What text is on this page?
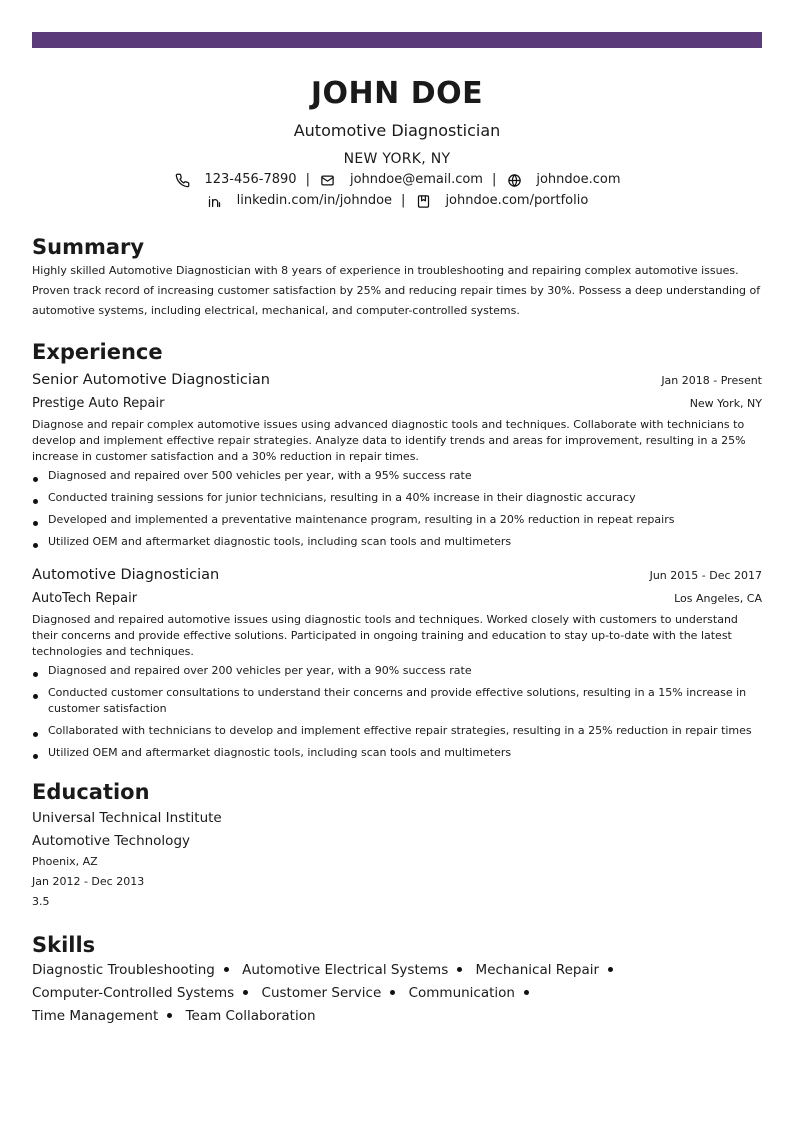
JOHN DOE
Automotive Diagnostician
NEW YORK, NY
123-456-7890 |	johndoe@email.com |	johndoe.com
linkedin.com/in/johndoe |	johndoe.com/portfolio
Summary
Highly skilled Automotive Diagnostician with 8 years of experience in troubleshooting and repairing complex automotive issues. Proven track record of increasing customer satisfaction by 25% and reducing repair times by 30%. Possess a deep understanding of automotive systems, including electrical, mechanical, and computer-controlled systems.
Experience
Senior Automotive Diagnostician	Jan 2018 - Present
Prestige Auto Repair	New York, NY
Diagnose and repair complex automotive issues using advanced diagnostic tools and techniques. Collaborate with technicians to develop and implement effective repair strategies. Analyze data to identify trends and areas for improvement, resulting in a 25% increase in customer satisfaction and a 30% reduction in repair times.
Diagnosed and repaired over 500 vehicles per year, with a 95% success rate
Conducted training sessions for junior technicians, resulting in a 40% increase in their diagnostic accuracy
Developed and implemented a preventative maintenance program, resulting in a 20% reduction in repeat repairs
Utilized OEM and aftermarket diagnostic tools, including scan tools and multimeters
Automotive Diagnostician	Jun 2015 - Dec 2017
AutoTech Repair	Los Angeles, CA
Diagnosed and repaired automotive issues using diagnostic tools and techniques. Worked closely with customers to understand their concerns and provide effective solutions. Participated in ongoing training and education to stay up-to-date with the latest technologies and techniques.
Diagnosed and repaired over 200 vehicles per year, with a 90% success rate
Conducted customer consultations to understand their concerns and provide effective solutions, resulting in a 15% increase in customer satisfaction
Collaborated with technicians to develop and implement effective repair strategies, resulting in a 25% reduction in repair times
Utilized OEM and aftermarket diagnostic tools, including scan tools and multimeters
Education
Universal Technical Institute
Automotive Technology
Phoenix, AZ
Jan 2012 - Dec 2013
3.5
Skills
Diagnostic Troubleshooting Automotive Electrical Systems Mechanical Repair Computer-Controlled Systems Customer Service Communication Time Management Team Collaboration
